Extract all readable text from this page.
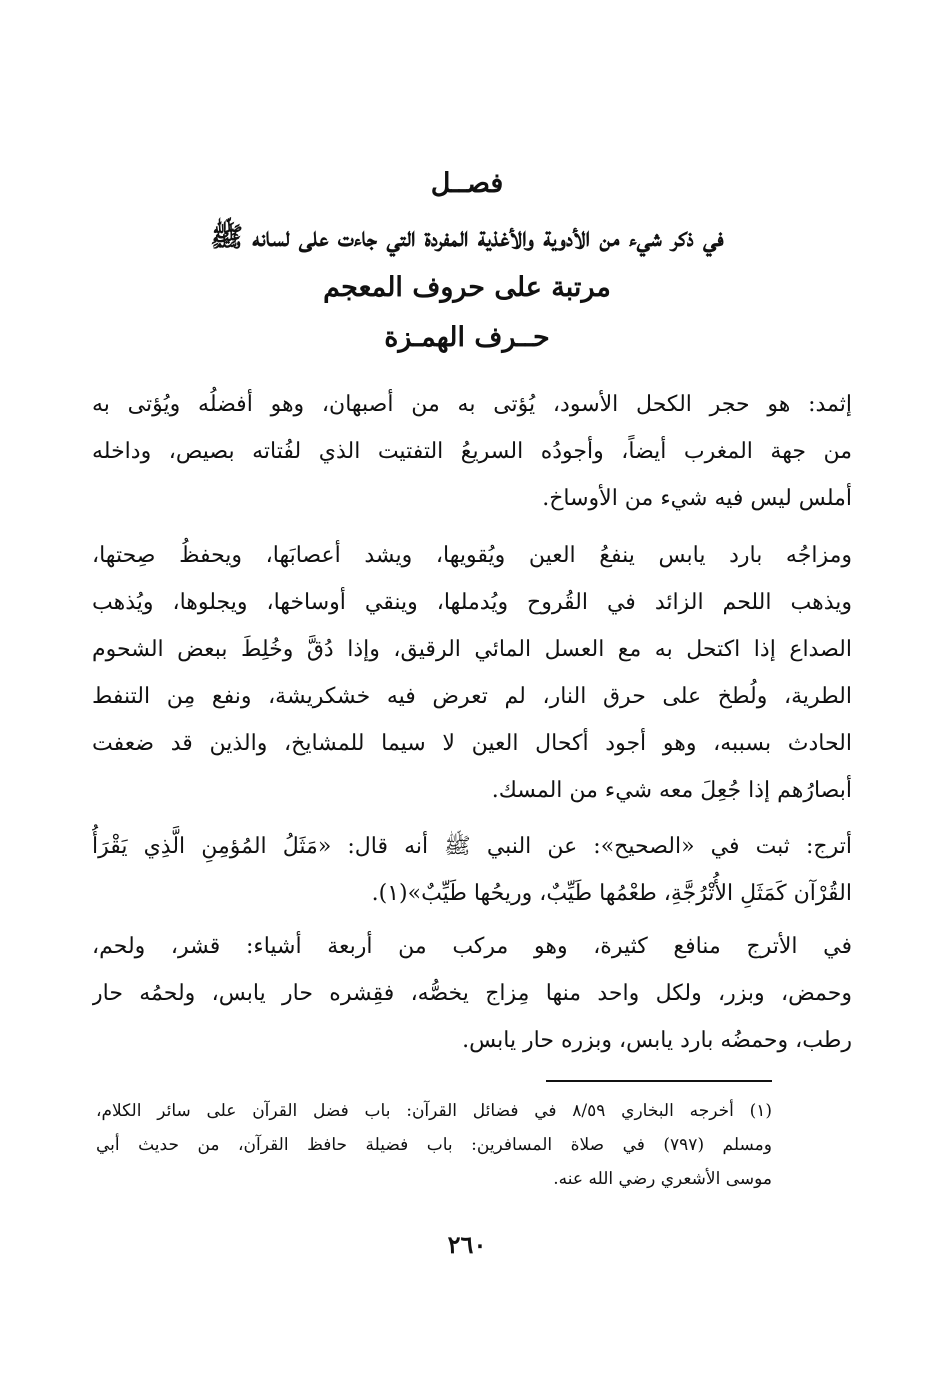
فصــل
في ذكر شيء من الأدوية والأغذية المفردة التي جاءت على لسانه ﷺ
مرتبة على حروف المعجم
حــرف الهمـزة
إثمد: هو حجر الكحل الأسود، يُؤتى به من أصبهان، وهو أفضلُه ويُؤتى به
من جهة المغرب أيضاً، وأجودُه السريعُ التفتيت الذي لفُتاته بصيص، وداخله
أملس ليس فيه شيء من الأوساخ.
ومزاجُه بارد يابس ينفعُ العين ويُقويها، ويشد أعصابَها، ويحفظُ صِحتها،
ويذهب اللحم الزائد في القُروح ويُدملها، وينقي أوساخها، ويجلوها، ويُذهب
الصداع إذا اكتحل به مع العسل المائي الرقيق، وإذا دُقَّ وخُلِطَ ببعض الشحوم
الطرية، ولُطخ على حرق النار، لم تعرض فيه خشكريشة، ونفع مِن التنفط
الحادث بسببه، وهو أجود أكحال العين لا سيما للمشايخ، والذين قد ضعفت
أبصارُهم إذا جُعِلَ معه شيء من المسك.
أترج: ثبت في «الصحيح»: عن النبي ﷺ أنه قال: «مَثَلُ المُؤمِنِ الَّذِي يَقْرَأُ
القُرْآن كَمَثَلِ الأُتْرُجَّةِ، طعْمُها طَيِّبٌ، وريحُها طَيِّبٌ»(١).
في الأترج منافع كثيرة، وهو مركب من أربعة أشياء: قشر، ولحم،
وحمض، وبزر، ولكل واحد منها مِزاج يخصُّه، فقِشره حار يابس، ولحمُه حار
رطب، وحمضُه بارد يابس، وبزره حار يابس.
(١) أخرجه البخاري ٨/٥٩ في فضائل القرآن: باب فضل القرآن على سائر الكلام،
ومسلم (٧٩٧) في صلاة المسافرين: باب فضيلة حافظ القرآن، من حديث أبي
موسى الأشعري رضي الله عنه.
٢٦٠
